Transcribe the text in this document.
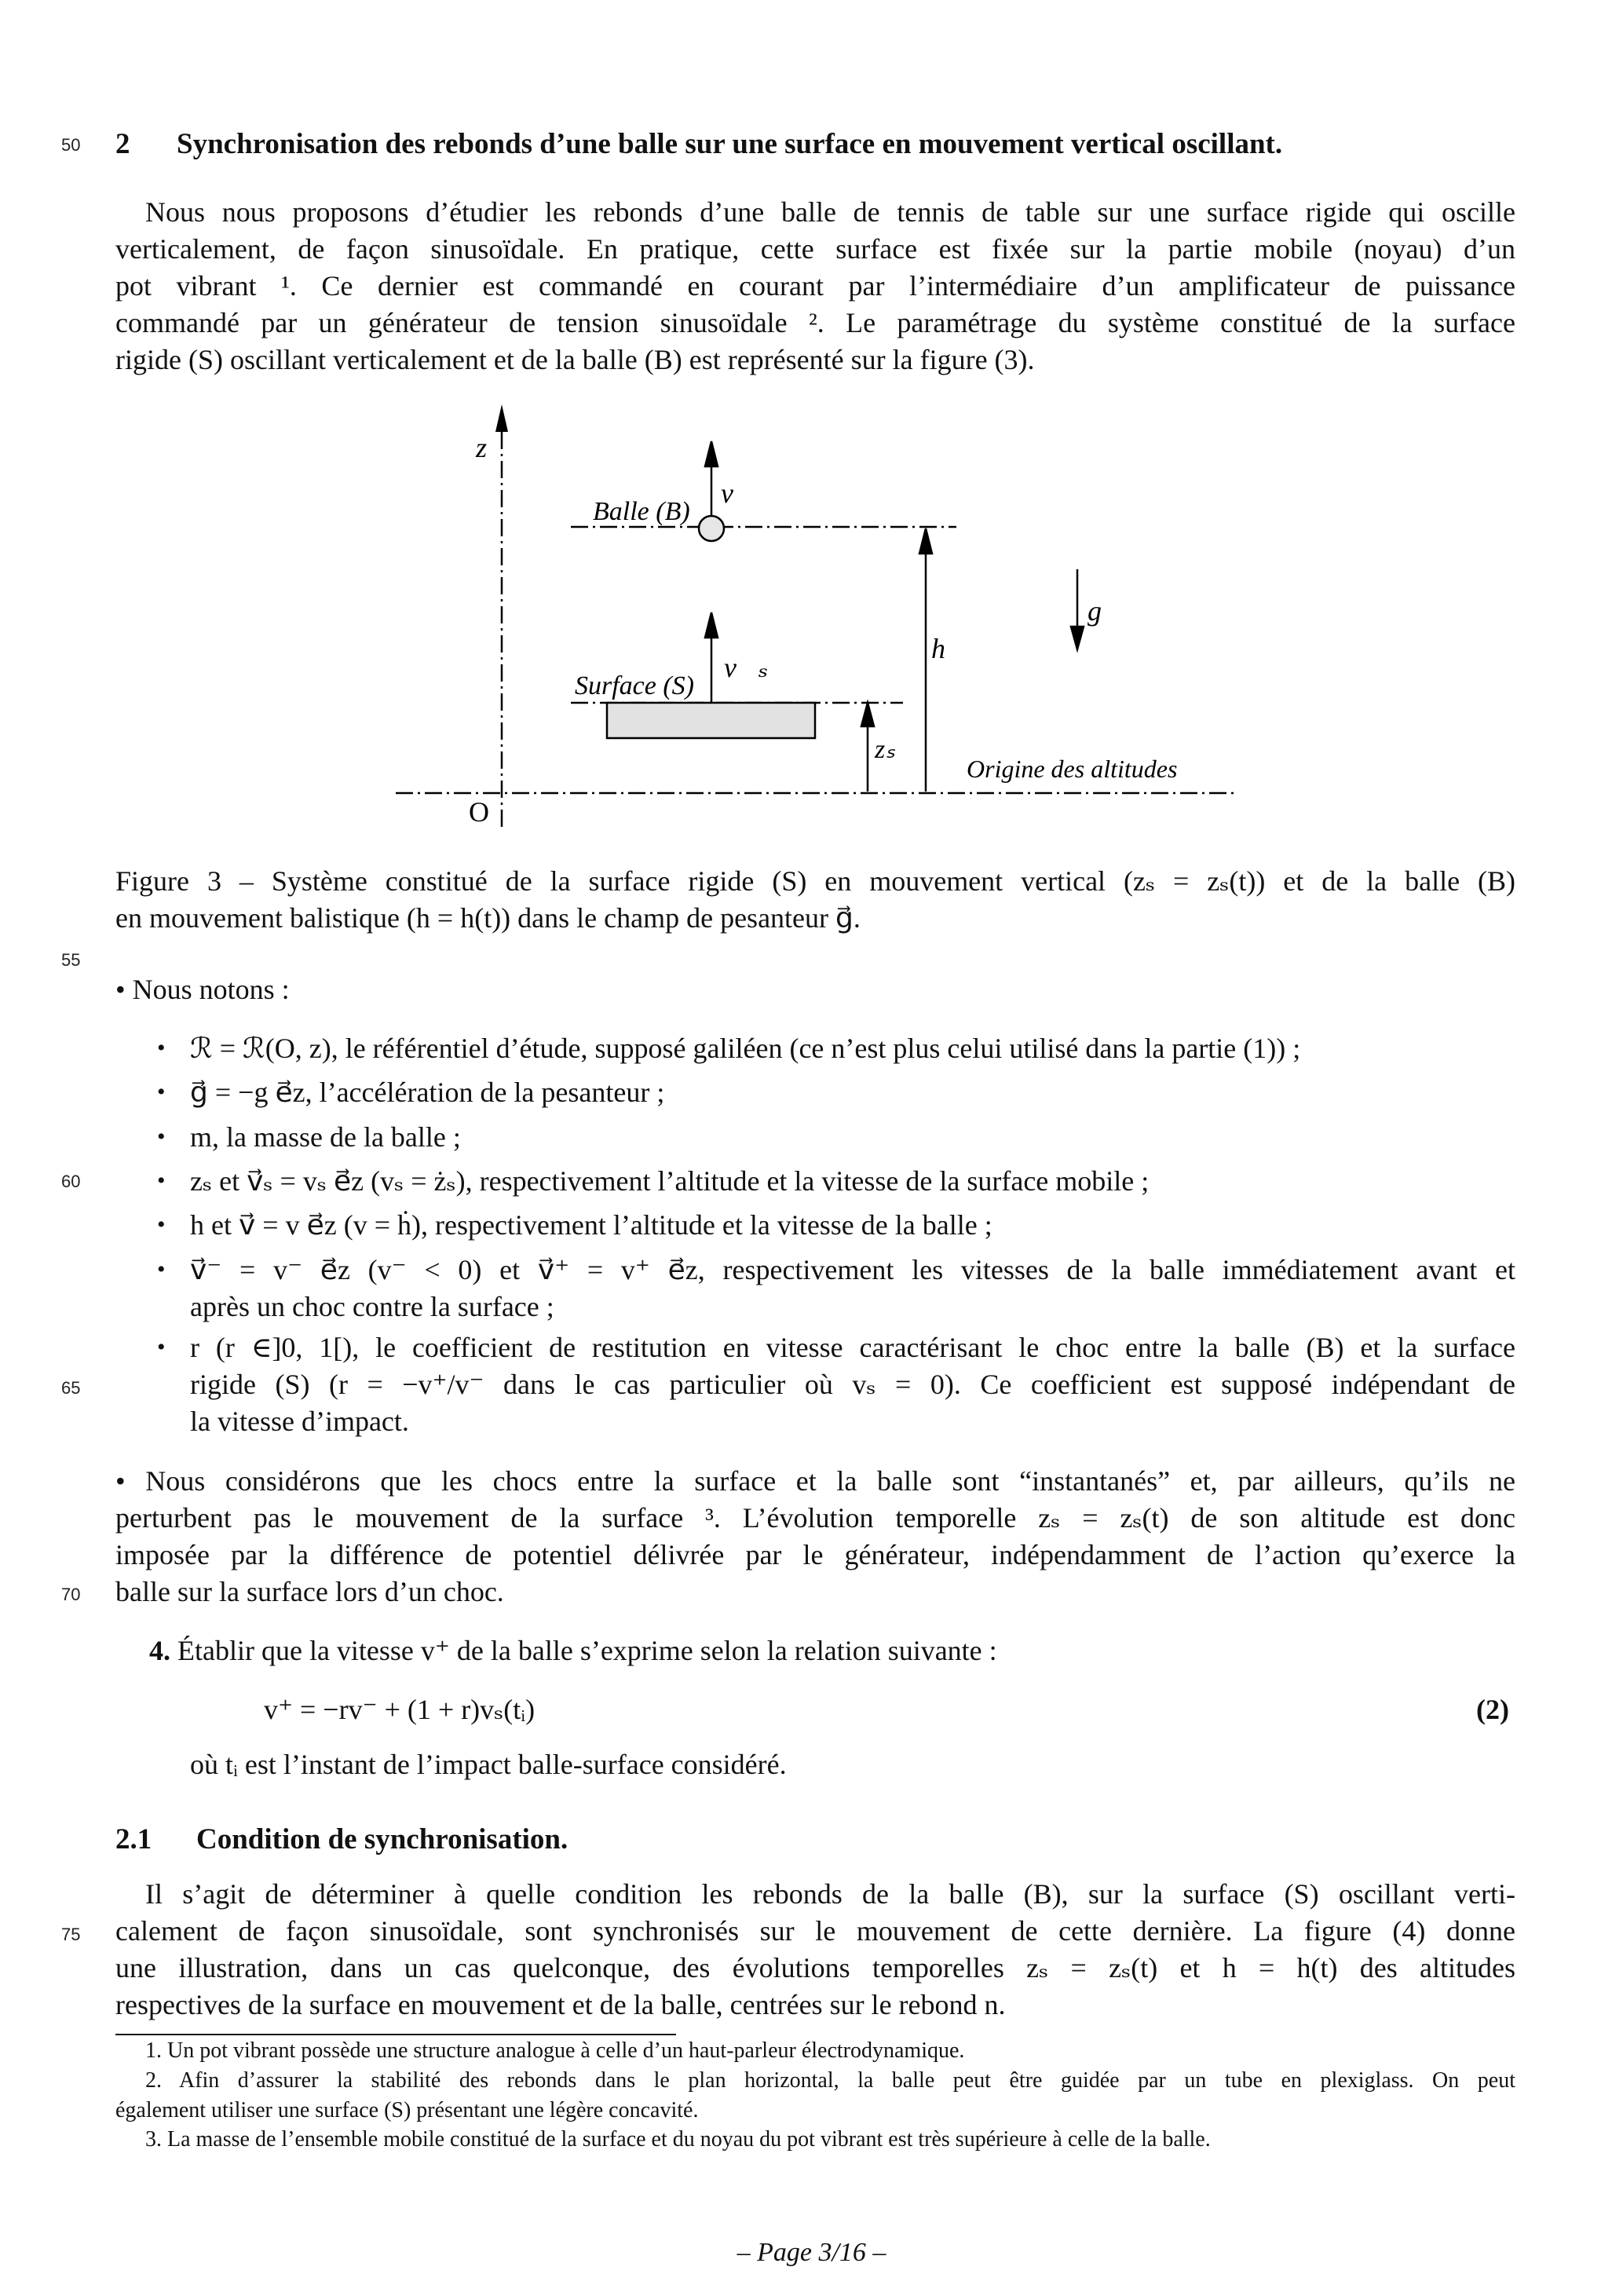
50
55
60
65
70
75
2 Synchronisation des rebonds d’une balle sur une surface en mouvement vertical oscillant.
Nous nous proposons d’étudier les rebonds d’une balle de tennis de table sur une surface rigide qui oscille
verticalement, de façon sinusoïdale. En pratique, cette surface est fixée sur la partie mobile (noyau) d’un
pot vibrant ¹. Ce dernier est commandé en courant par l’intermédiaire d’un amplificateur de puissance
commandé par un générateur de tension sinusoïdale ². Le paramétrage du système constitué de la surface
rigide (S) oscillant verticalement et de la balle (B) est représenté sur la figure (3).
z
O
Balle (B)
v⃗
h
g⃗
Surface (S)
v⃗ₛ
zₛ
Origine des altitudes
Figure 3 – Système constitué de la surface rigide (S) en mouvement vertical (zₛ = zₛ(t)) et de la balle (B)
en mouvement balistique (h = h(t)) dans le champ de pesanteur g⃗.
• Nous notons :
• ℛ = ℛ(O, z), le référentiel d’étude, supposé galiléen (ce n’est plus celui utilisé dans la partie (1)) ;
• g⃗ = −g e⃗z, l’accélération de la pesanteur ;
• m, la masse de la balle ;
• zₛ et v⃗ₛ = vₛ e⃗z (vₛ = żₛ), respectivement l’altitude et la vitesse de la surface mobile ;
• h et v⃗ = v e⃗z (v = ḣ), respectivement l’altitude et la vitesse de la balle ;
• v⃗⁻ = v⁻ e⃗z (v⁻ < 0) et v⃗⁺ = v⁺ e⃗z, respectivement les vitesses de la balle immédiatement avant et
après un choc contre la surface ;
• r (r ∈]0, 1[), le coefficient de restitution en vitesse caractérisant le choc entre la balle (B) et la surface
rigide (S) (r = −v⁺/v⁻ dans le cas particulier où vₛ = 0). Ce coefficient est supposé indépendant de
la vitesse d’impact.
• Nous considérons que les chocs entre la surface et la balle sont “instantanés” et, par ailleurs, qu’ils ne
perturbent pas le mouvement de la surface ³. L’évolution temporelle zₛ = zₛ(t) de son altitude est donc
imposée par la différence de potentiel délivrée par le générateur, indépendamment de l’action qu’exerce la
balle sur la surface lors d’un choc.
4. Établir que la vitesse v⁺ de la balle s’exprime selon la relation suivante :
v⁺ = −rv⁻ + (1 + r)vₛ(tᵢ)	(2)
où tᵢ est l’instant de l’impact balle-surface considéré.
2.1 Condition de synchronisation.
Il s’agit de déterminer à quelle condition les rebonds de la balle (B), sur la surface (S) oscillant verti-
calement de façon sinusoïdale, sont synchronisés sur le mouvement de cette dernière. La figure (4) donne
une illustration, dans un cas quelconque, des évolutions temporelles zₛ = zₛ(t) et h = h(t) des altitudes
respectives de la surface en mouvement et de la balle, centrées sur le rebond n.
1. Un pot vibrant possède une structure analogue à celle d’un haut-parleur électrodynamique.
2. Afin d’assurer la stabilité des rebonds dans le plan horizontal, la balle peut être guidée par un tube en plexiglass. On peut
également utiliser une surface (S) présentant une légère concavité.
3. La masse de l’ensemble mobile constitué de la surface et du noyau du pot vibrant est très supérieure à celle de la balle.
– Page 3/16 –
